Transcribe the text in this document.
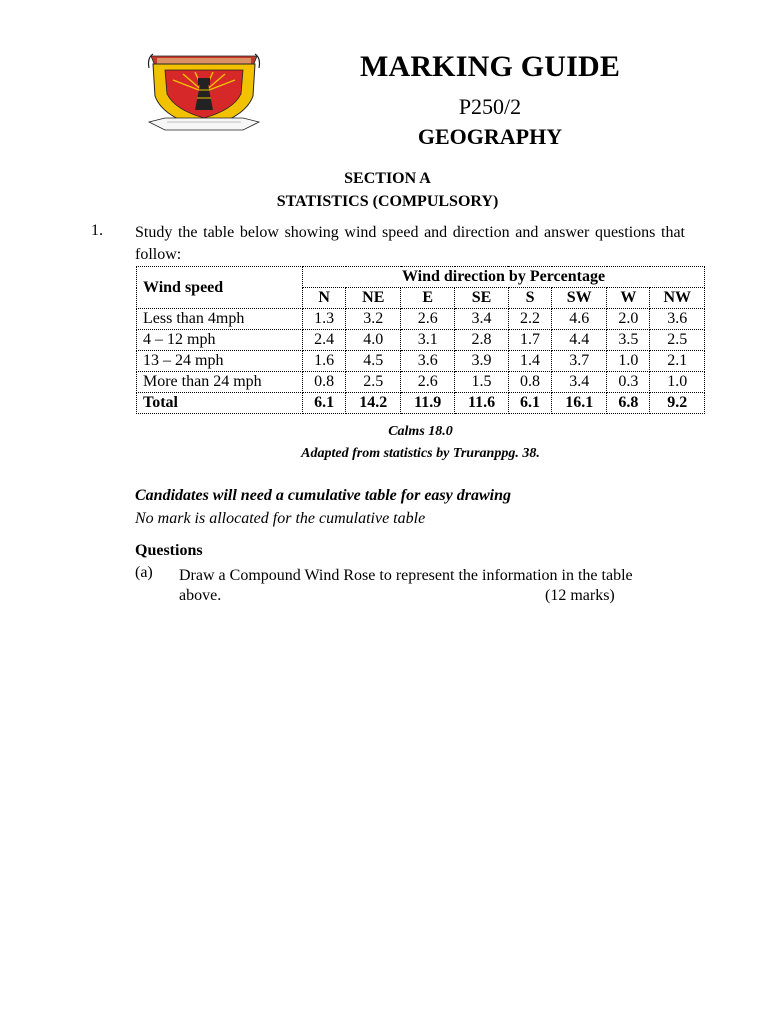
MARKING GUIDE
P250/2
GEOGRAPHY
SECTION A
STATISTICS (COMPULSORY)
1. Study the table below showing wind speed and direction and answer questions that follow:
Wind speed	Wind direction by Percentage							
	N	NE	E	SE	S	SW	W	NW
Less than 4mph	1.3	3.2	2.6	3.4	2.2	4.6	2.0	3.6
4 – 12 mph	2.4	4.0	3.1	2.8	1.7	4.4	3.5	2.5
13 – 24 mph	1.6	4.5	3.6	3.9	1.4	3.7	1.0	2.1
More than 24 mph	0.8	2.5	2.6	1.5	0.8	3.4	0.3	1.0
Total	6.1	14.2	11.9	11.6	6.1	16.1	6.8	9.2
Calms 18.0
Adapted from statistics by Truranppg. 38.
Candidates will need a cumulative table for easy drawing
No mark is allocated for the cumulative table
Questions
(a) Draw a Compound Wind Rose to represent the information in the table
above.	(12 marks)
